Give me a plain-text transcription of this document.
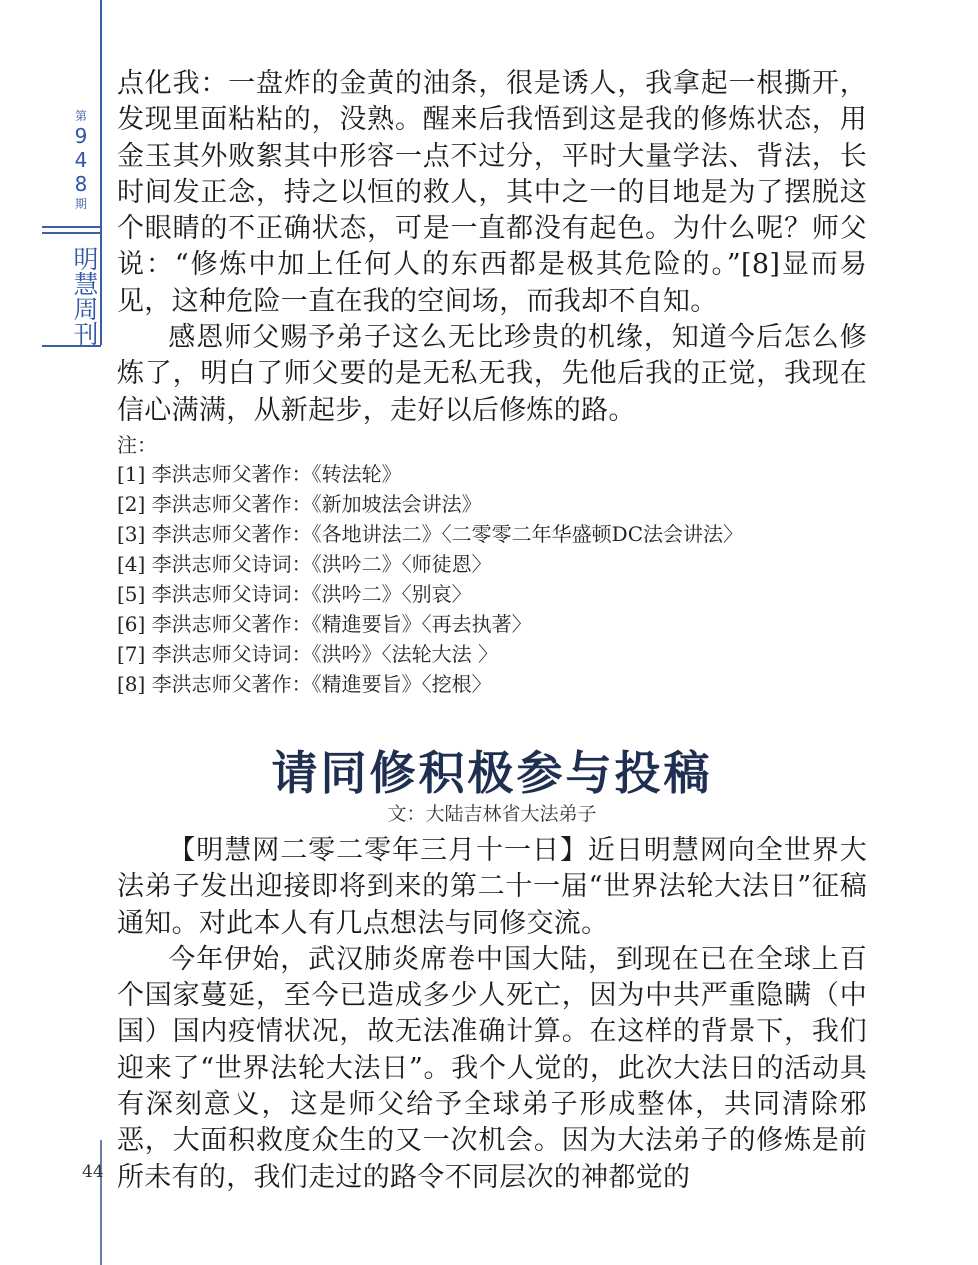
第
9
4
8
期
明慧周刊
44

点化我：一盘炸的金黄的油条，很是诱人，我拿起一根撕开，发现里面粘粘的，没熟。醒来后我悟到这是我的修炼状态，用金玉其外败絮其中形容一点不过分，平时大量学法、背法，长时间发正念，持之以恒的救人，其中之一的目地是为了摆脱这个眼睛的不正确状态，可是一直都没有起色。为什么呢？师父说：“修炼中加上任何人的东西都是极其危险的。”[8]显而易见，这种危险一直在我的空间场，而我却不自知。

感恩师父赐予弟子这么无比珍贵的机缘，知道今后怎么修炼了，明白了师父要的是无私无我，先他后我的正觉，我现在信心满满，从新起步，走好以后修炼的路。

注：
[1] 李洪志师父著作：《转法轮》
[2] 李洪志师父著作：《新加坡法会讲法》
[3] 李洪志师父著作：《各地讲法二》〈二零零二年华盛顿DC法会讲法〉
[4] 李洪志师父诗词：《洪吟二》〈师徒恩〉
[5] 李洪志师父诗词：《洪吟二》〈别哀〉
[6] 李洪志师父著作：《精進要旨》〈再去执著〉
[7] 李洪志师父诗词：《洪吟》〈法轮大法 〉
[8] 李洪志师父著作：《精進要旨》〈挖根〉
请同修积极参与投稿
文：大陆吉林省大法弟子

【明慧网二零二零年三月十一日】近日明慧网向全世界大法弟子发出迎接即将到来的第二十一届“世界法轮大法日”征稿通知。对此本人有几点想法与同修交流。

今年伊始，武汉肺炎席卷中国大陆，到现在已在全球上百个国家蔓延，至今已造成多少人死亡，因为中共严重隐瞒（中国）国内疫情状况，故无法准确计算。在这样的背景下，我们迎来了“世界法轮大法日”。我个人觉的，此次大法日的活动具有深刻意义，这是师父给予全球弟子形成整体，共同清除邪恶，大面积救度众生的又一次机会。因为大法弟子的修炼是前所未有的，我们走过的路令不同层次的神都觉的
